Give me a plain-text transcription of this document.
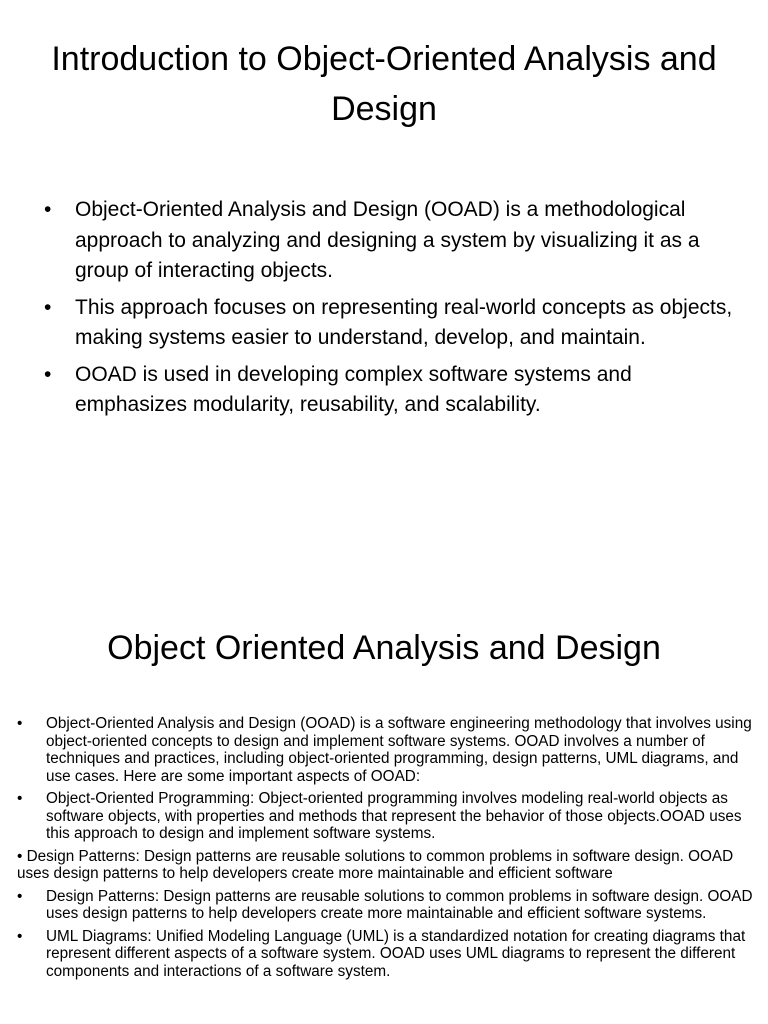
Introduction to Object-Oriented Analysis and Design
• Object-Oriented Analysis and Design (OOAD) is a methodological approach to analyzing and designing a system by visualizing it as a group of interacting objects.
• This approach focuses on representing real-world concepts as objects, making systems easier to understand, develop, and maintain.
• OOAD is used in developing complex software systems and emphasizes modularity, reusability, and scalability.
Object Oriented Analysis and Design
• Object-Oriented Analysis and Design (OOAD) is a software engineering methodology that involves using object-oriented concepts to design and implement software systems. OOAD involves a number of techniques and practices, including object-oriented programming, design patterns, UML diagrams, and use cases. Here are some important aspects of OOAD:
• Object-Oriented Programming: Object-oriented programming involves modeling real-world objects as software objects, with properties and methods that represent the behavior of those objects.OOAD uses this approach to design and implement software systems.
• Design Patterns: Design patterns are reusable solutions to common problems in software design. OOAD uses design patterns to help developers create more maintainable and efficient software
• Design Patterns: Design patterns are reusable solutions to common problems in software design. OOAD uses design patterns to help developers create more maintainable and efficient software systems.
• UML Diagrams: Unified Modeling Language (UML) is a standardized notation for creating diagrams that represent different aspects of a software system. OOAD uses UML diagrams to represent the different components and interactions of a software system.
